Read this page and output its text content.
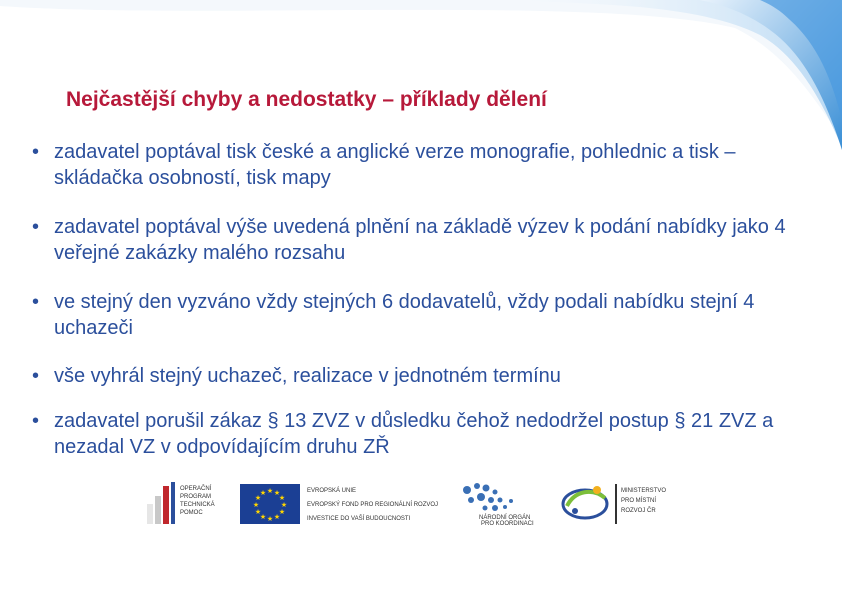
Nejčastější chyby a nedostatky – příklady dělení
• zadavatel poptával tisk české a anglické verze monografie, pohlednic a tisk – skládačka osobností, tisk mapy
• zadavatel poptával výše uvedená plnění na základě výzev k podání nabídky jako 4 veřejné zakázky malého rozsahu
• ve stejný den vyzváno vždy stejných 6 dodavatelů, vždy podali nabídku stejní 4 uchazeči
• vše vyhrál stejný uchazeč, realizace v jednotném termínu
• zadavatel porušil zákaz § 13 ZVZ v důsledku čehož nedodržel postup § 21 ZVZ a nezadal VZ v odpovídajícím druhu ZŘ
OPERAČNÍ
PROGRAM
TECHNICKÁ
POMOC
★ ★
★
★
★
★
★
★
★
★
★
★	EVROPSKÁ UNIE
EVROPSKÝ FOND PRO REGIONÁLNÍ ROZVOJ
INVESTICE DO VAŠÍ BUDOUCNOSTI	NÁRODNÍ ORGÁN
PRO KOORDINACI
MINISTERSTVO
PRO MÍSTNÍ
ROZVOJ ČR
